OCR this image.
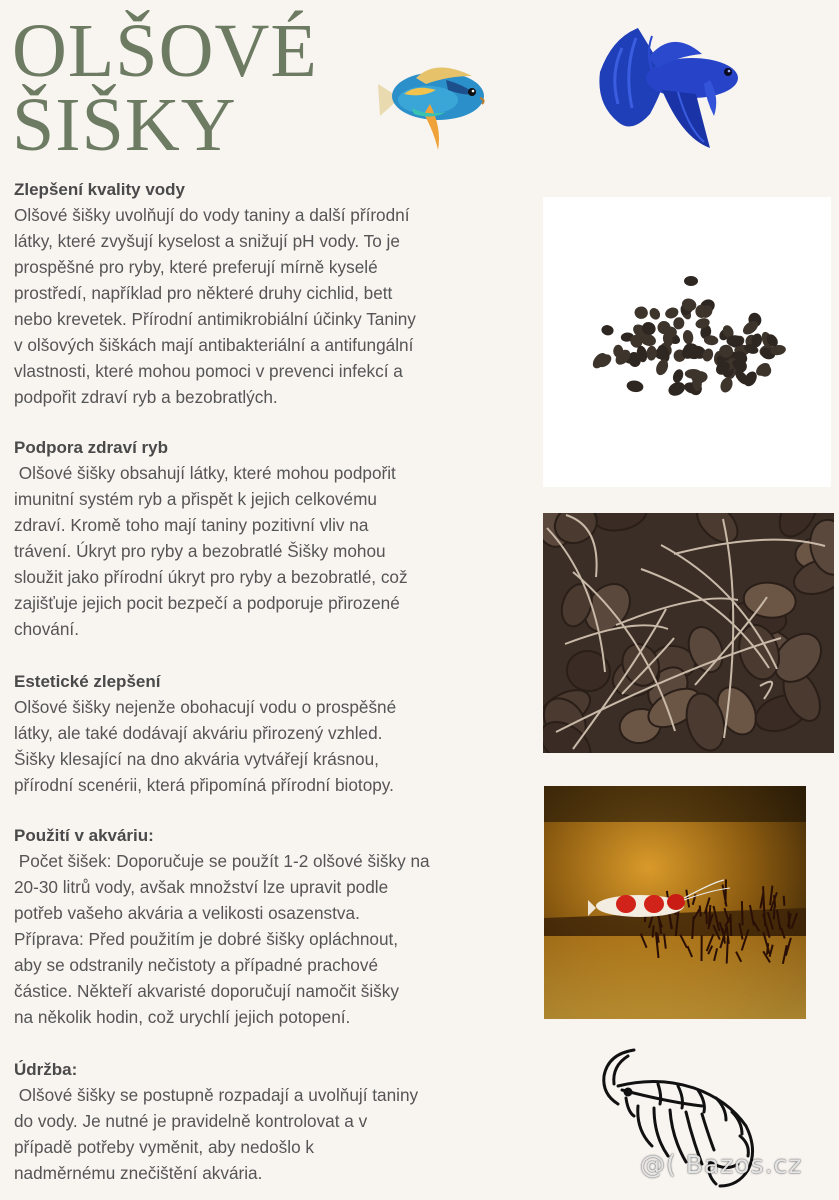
OLŠOVÉ
ŠIŠKY
Zlepšení kvality vody

Olšové šišky uvolňují do vody taniny a další přírodní
látky, které zvyšují kyselost a snižují pH vody. To je
prospěšné pro ryby, které preferují mírně kyselé
prostředí, například pro některé druhy cichlid, bett
nebo krevetek. Přírodní antimikrobiální účinky Taniny
v olšových šiškách mají antibakteriální a antifungální
vlastnosti, které mohou pomoci v prevenci infekcí a
podpořit zdraví ryb a bezobratlých.

Podpora zdraví ryb

Olšové šišky obsahují látky, které mohou podpořit
imunitní systém ryb a přispět k jejich celkovému
zdraví. Kromě toho mají taniny pozitivní vliv na
trávení. Úkryt pro ryby a bezobratlé Šišky mohou
sloužit jako přírodní úkryt pro ryby a bezobratlé, což
zajišťuje jejich pocit bezpečí a podporuje přirozené
chování.

Estetické zlepšení

Olšové šišky nejenže obohacují vodu o prospěšné
látky, ale také dodávají akváriu přirozený vzhled.
Šišky klesající na dno akvária vytvářejí krásnou,
přírodní scenérii, která připomíná přírodní biotopy.

Použití v akváriu:

Počet šišek: Doporučuje se použít 1-2 olšové šišky na
20-30 litrů vody, avšak množství lze upravit podle
potřeb vašeho akvária a velikosti osazenstva.
Příprava: Před použitím je dobré šišky opláchnout,
aby se odstranily nečistoty a případné prachové
částice. Někteří akvaristé doporučují namočit šišky
na několik hodin, což urychlí jejich potopení.

Údržba:

Olšové šišky se postupně rozpadají a uvolňují taniny
do vody. Je nutné je pravidelně kontrolovat a v
případě potřeby vyměnit, aby nedošlo k
nadměrnému znečištění akvária.	@( Bazos.cz
